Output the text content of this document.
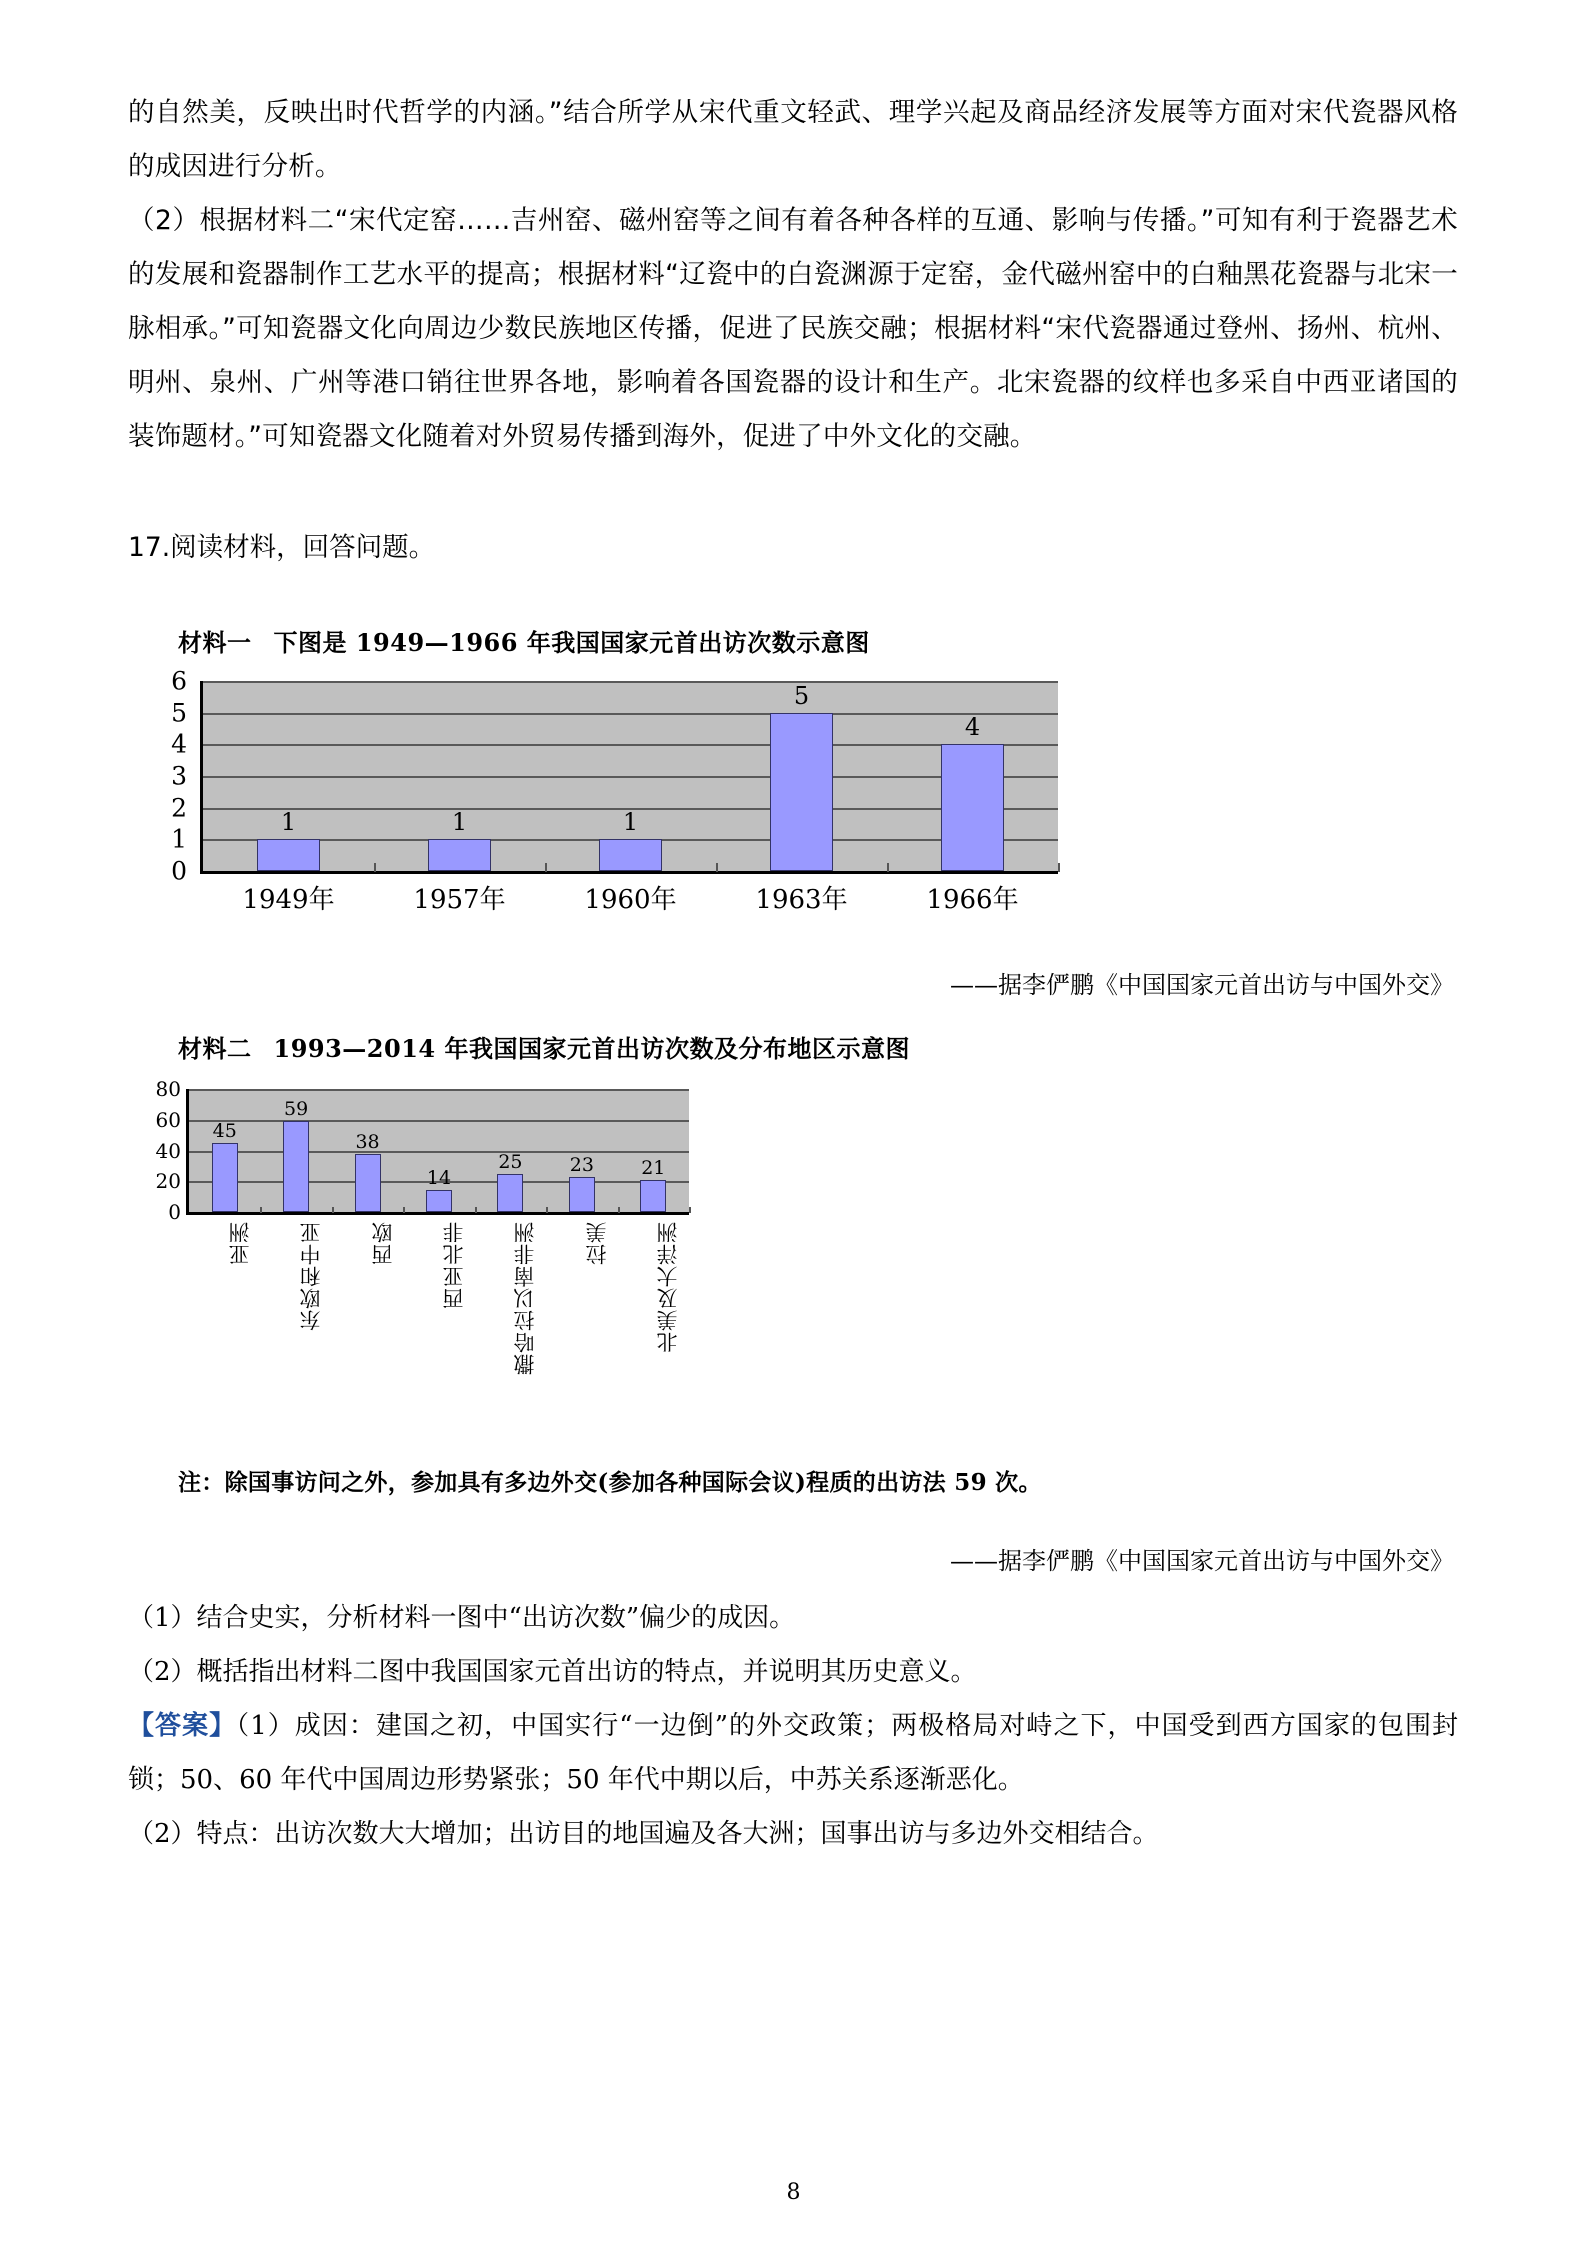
的自然美，反映出时代哲学的内涵。”结合所学从宋代重文轻武、理学兴起及商品经济发展等方面对宋代瓷器风格的成因进行分析。

（2）根据材料二“宋代定窑……吉州窑、磁州窑等之间有着各种各样的互通、影响与传播。”可知有利于瓷器艺术的发展和瓷器制作工艺水平的提高；根据材料“辽瓷中的白瓷渊源于定窑，金代磁州窑中的白釉黑花瓷器与北宋一脉相承。”可知瓷器文化向周边少数民族地区传播，促进了民族交融；根据材料“宋代瓷器通过登州、扬州、杭州、明州、泉州、广州等港口销往世界各地，影响着各国瓷器的设计和生产。北宋瓷器的纹样也多采自中西亚诸国的装饰题材。”可知瓷器文化随着对外贸易传播到海外，促进了中外文化的交融。

17.阅读材料，回答问题。

材料一 下图是 1949—1966 年我国国家元首出访次数示意图

0
1
2
3
4
5
6
1
1949年
1
1957年
1
1960年
5
1963年
4
1966年

——据李俨鹏《中国国家元首出访与中国外交》

材料二 1993—2014 年我国国家元首出访次数及分布地区示意图

0
20
40
60
80
45
亚洲
59
东欧和中亚
38
西欧
14
西亚北非
25
撒哈拉以南非洲
23
拉美
21
北美及大洋洲

注：除国事访问之外，参加具有多边外交(参加各种国际会议)程质的出访法 59 次。

——据李俨鹏《中国国家元首出访与中国外交》

（1）结合史实，分析材料一图中“出访次数”偏少的成因。

（2）概括指出材料二图中我国国家元首出访的特点，并说明其历史意义。

【答案】（1）成因：建国之初，中国实行“一边倒”的外交政策；两极格局对峙之下，中国受到西方国家的包围封锁；50、60 年代中国周边形势紧张；50 年代中期以后，中苏关系逐渐恶化。

（2）特点：出访次数大大增加；出访目的地国遍及各大洲；国事出访与多边外交相结合。

8
